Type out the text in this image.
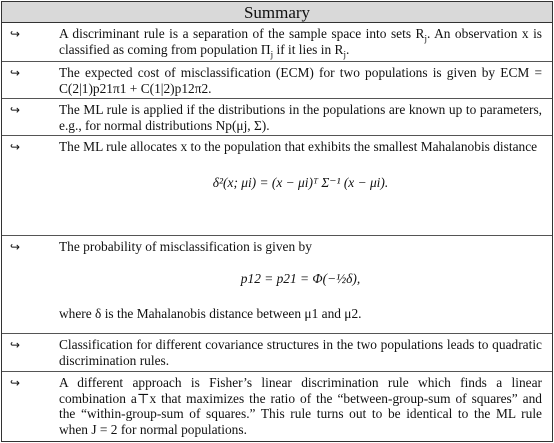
Summary
↪	A discriminant rule is a separation of the sample space into sets $R_j$. An observation x is classified as coming from population $\Pi_j$ if it lies in $R_j$.
↪	The expected cost of misclassification (ECM) for two populations is given by ECM = C(2|1)p21π1 + C(1|2)p12π2.
↪	The ML rule is applied if the distributions in the populations are known up to parameters, e.g., for normal distributions Np(μj, Σ).
↪	The ML rule allocates x to the population that exhibits the smallest Mahalanobis distance
δ²(x; μi) = (x − μi)ᵀ Σ⁻¹ (x − μi).
↪	The probability of misclassification is given by
p12 = p21 = Φ(−½δ),
where δ is the Mahalanobis distance between μ1 and μ2.
↪	Classification for different covariance structures in the two populations leads to quadratic discrimination rules.
↪	A different approach is Fisher’s linear discrimination rule which finds a linear combination a⊤x that maximizes the ratio of the “between-group-sum of squares” and the “within-group-sum of squares.” This rule turns out to be identical to the ML rule when J = 2 for normal populations.
